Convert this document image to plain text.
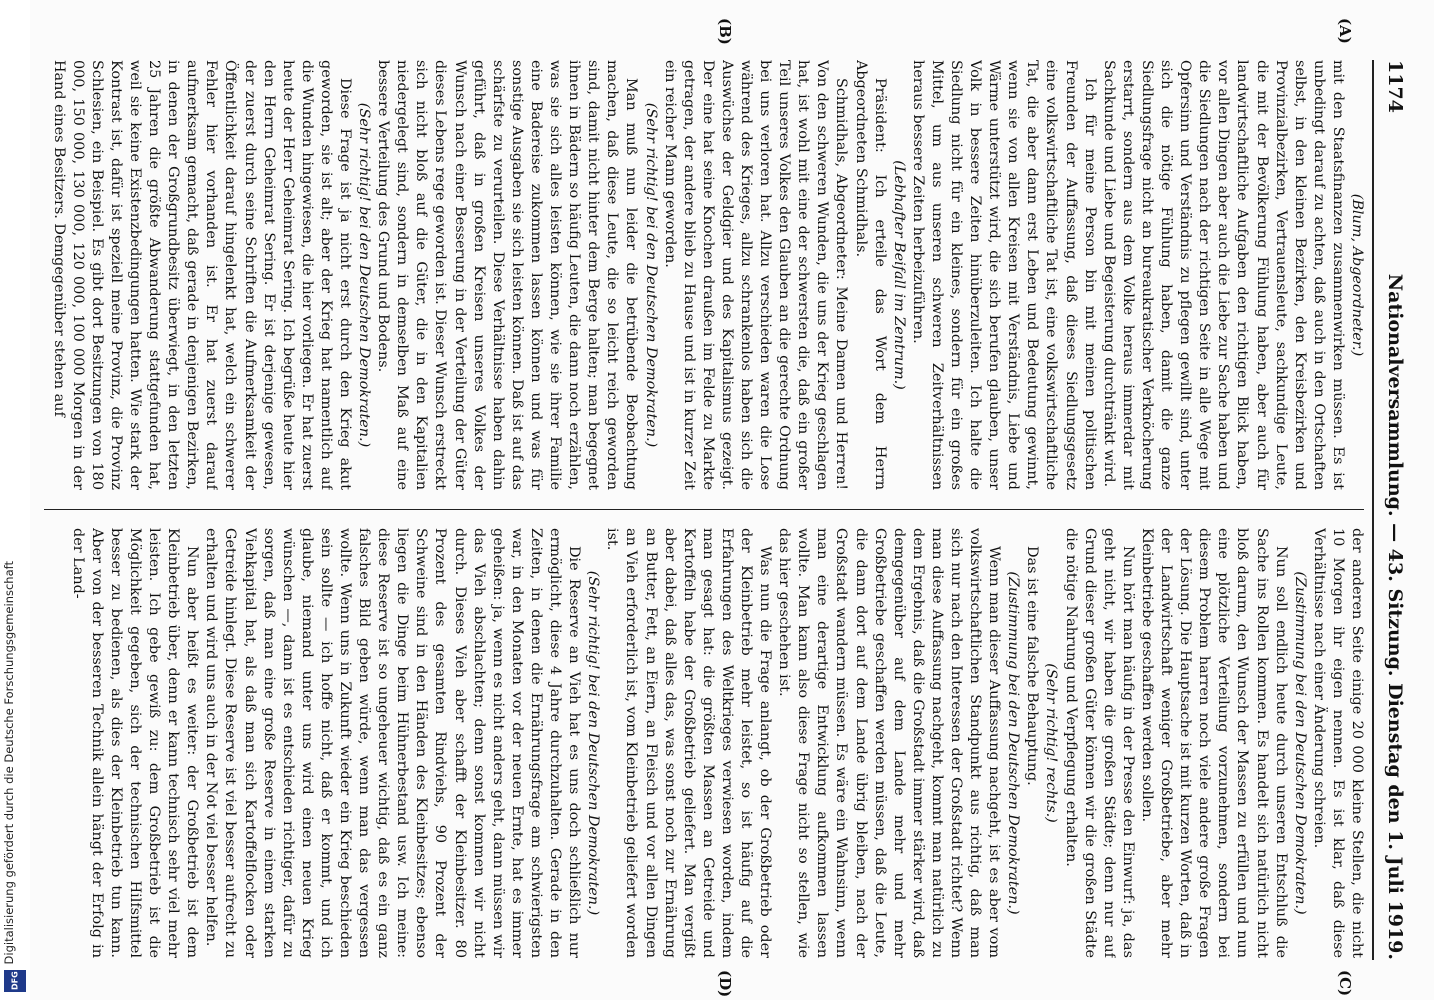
1174
Nationalversammlung. — 43. Sitzung. Dienstag den 1. Juli 1919.
(A)
(B)
(C)
(D)

(Blum, Abgeordneter.)

mit den Staatsfinanzen zusammenwirken müssen. Es ist unbedingt darauf zu achten, daß auch in den Ortschaften selbst, in den kleinen Bezirken, den Kreisbezirken und Provinzialbezirken, Vertrauensleute, sachkundige Leute, die mit der Bevölkerung Fühlung haben, aber auch für landwirtschaftliche Aufgaben den richtigen Blick haben, vor allen Dingen aber auch die Liebe zur Sache haben und die Siedlungen nach der richtigen Seite in alle Wege mit Opfersinn und Verständnis zu pflegen gewillt sind, unter sich die nötige Fühlung haben, damit die ganze Siedlungsfrage nicht an bureaukratischer Verknöcherung erstarrt, sondern aus dem Volke heraus immerdar mit Sachkunde und Liebe und Begeisterung durchtränkt wird.

Ich für meine Person bin mit meinen politischen Freunden der Auffassung, daß dieses Siedlungsgesetz eine volkswirtschaftliche Tat ist, eine volkswirtschaftliche Tat, die aber dann erst Leben und Bedeutung gewinnt, wenn sie von allen Kreisen mit Verständnis, Liebe und Wärme unterstützt wird, die sich berufen glauben, unser Volk in bessere Zeiten hinüberzuleiten. Ich halte die Siedlung nicht für ein kleines, sondern für ein großes Mittel, um aus unseren schweren Zeitverhältnissen heraus bessere Zeiten herbeizuführen.

(Lebhafter Beifall im Zentrum.)

Präsident: Ich erteile das Wort dem Herrn Abgeordneten Schmidhals.

Schmidhals, Abgeordneter: Meine Damen und Herren! Von den schweren Wunden, die uns der Krieg geschlagen hat, ist wohl mit eine der schwersten die, daß ein großer Teil unseres Volkes den Glauben an die gerechte Ordnung bei uns verloren hat. Allzu verschieden waren die Lose während des Krieges, allzu schrankenlos haben sich die Auswüchse der Geldgier und des Kapitalismus gezeigt. Der eine hat seine Knochen draußen im Felde zu Markte getragen, der andere blieb zu Hause und ist in kurzer Zeit ein reicher Mann geworden.

(Sehr richtig! bei den Deutschen Demokraten.)

Man muß nun leider die betrübende Beobachtung machen, daß diese Leute, die so leicht reich geworden sind, damit nicht hinter dem Berge halten; man begegnet ihnen in Bädern so häufig Leuten, die dann noch erzählen, was sie sich alles leisten können, wie sie ihrer Familie eine Badereise zukommen lassen können und was für sonstige Ausgaben sie sich leisten können. Daß ist auf das schärfste zu verurteilen. Diese Verhältnisse haben dahin geführt, daß in großen Kreisen unseres Volkes der Wunsch nach einer Besserung in der Verteilung der Güter dieses Lebens rege geworden ist. Dieser Wunsch erstreckt sich nicht bloß auf die Güter, die in den Kapitalien niedergelegt sind, sondern in demselben Maß auf eine bessere Verteilung des Grund und Bodens.

(Sehr richtig! bei den Deutschen Demokraten.)

Diese Frage ist ja nicht erst durch den Krieg akut geworden, sie ist alt; aber der Krieg hat namentlich auf die Wunden hingewiesen, die hier vorliegen. Er hat zuerst heute der Herr Geheimrat Sering. Ich begrüße heute hier den Herrn Geheimrat Sering. Er ist derjenige gewesen, der zuerst durch seine Schriften die Aufmerksamkeit der Öffentlichkeit darauf hingelenkt hat, welch ein schwerer Fehler hier vorhanden ist. Er hat zuerst darauf aufmerksam gemacht, daß gerade in denjenigen Bezirken, in denen der Großgrundbesitz überwiegt, in den letzten 25 Jahren die größte Abwanderung stattgefunden hat, weil sie keine Existenzbedingungen hatten. Wie stark der Kontrast ist, dafür ist speziell meine Provinz, die Provinz Schlesien, ein Beispiel. Es gibt dort Besitzungen von 180 000, 150 000, 130 000, 120 000, 100 000 Morgen in der Hand eines Besitzers. Demgegenüber stehen auf

der anderen Seite einige 20 000 kleine Stellen, die nicht 10 Morgen ihr eigen nennen. Es ist klar, daß diese Verhältnisse nach einer Änderung schreien.

(Zustimmung bei den Deutschen Demokraten.)

Nun soll endlich heute durch unseren Entschluß die Sache ins Rollen kommen. Es handelt sich natürlich nicht bloß darum, den Wunsch der Massen zu erfüllen und nun eine plötzliche Verteilung vorzunehmen, sondern bei diesem Problem harren noch viele andere große Fragen der Lösung. Die Hauptsache ist mit kurzen Worten, daß in der Landwirtschaft weniger Großbetriebe, aber mehr Kleinbetriebe geschaffen werden sollen.

Nun hört man häufig in der Presse den Einwurf: ja, das geht nicht, wir haben die großen Städte; denn nur auf Grund dieser großen Güter können wir die großen Städte die nötige Nahrung und Verpflegung erhalten.

(Sehr richtig! rechts.)

Das ist eine falsche Behauptung.

(Zustimmung bei den Deutschen Demokraten.)

Wenn man dieser Auffassung nachgeht, ist es aber vom volkswirtschaftlichen Standpunkt aus richtig, daß man sich nur nach den Interessen der Großstadt richtet? Wenn man diese Auffassung nachgeht, kommt man natürlich zu dem Ergebnis, daß die Großstadt immer stärker wird, daß demgegenüber auf dem Lande mehr und mehr Großbetriebe geschaffen werden müssen, daß die Leute, die dann dort auf dem Lande übrig bleiben, nach der Großstadt wandern müssen. Es wäre ein Wahnsinn, wenn man eine derartige Entwicklung aufkommen lassen wollte. Man kann also diese Frage nicht so stellen, wie das hier geschehen ist.

Was nun die Frage anlangt, ob der Großbetrieb oder der Kleinbetrieb mehr leistet, so ist häufig auf die Erfahrungen des Weltkrieges verwiesen worden, indem man gesagt hat: die größten Massen an Getreide und Kartoffeln habe der Großbetrieb geliefert. Man vergißt aber dabei, daß alles das, was sonst noch zur Ernährung an Butter, Fett, an Eiern, an Fleisch und vor allen Dingen an Vieh erforderlich ist, vom Kleinbetrieb geliefert worden ist.

(Sehr richtig! bei den Deutschen Demokraten.)

Die Reserve an Vieh hat es uns doch schließlich nur ermöglicht, diese 4 Jahre durchzuhalten. Gerade in den Zeiten, in denen die Ernährungsfrage am schwierigsten war, in den Monaten vor der neuen Ernte, hat es immer geheißen: ja, wenn es nicht anders geht, dann müssen wir das Vieh abschlachten; denn sonst kommen wir nicht durch. Dieses Vieh aber schafft der Kleinbesitzer. 80 Prozent des gesamten Rindviehs, 90 Prozent der Schweine sind in den Händen des Kleinbesitzes; ebenso liegen die Dinge beim Hühnerbestand usw. Ich meine: diese Reserve ist so ungeheuer wichtig, daß es ein ganz falsches Bild geben würde, wenn man das vergessen wollte. Wenn uns in Zukunft wieder ein Krieg beschieden sein sollte — ich hoffe nicht, daß er kommt, und ich glaube, niemand unter uns wird einen neuen Krieg wünschen —, dann ist es entschieden richtiger, dafür zu sorgen, daß man eine große Reserve in einem starken Viehkapital hat, als daß man sich Kartoffelflocken oder Getreide hinlegt. Diese Reserve ist viel besser aufrecht zu erhalten und wird uns auch in der Not viel besser helfen.

Nun aber heißt es weiter: der Großbetrieb ist dem Kleinbetrieb über, denn er kann technisch sehr viel mehr leisten. Ich gebe gewiß zu: dem Großbetrieb ist die Möglichkeit gegeben, sich der technischen Hilfsmittel besser zu bedienen, als dies der Kleinbetrieb tun kann. Aber von der besseren Technik allein hängt der Erfolg in der Land-

Digitalisierung gefördert durch die Deutsche Forschungsgemeinschaft
DFG
